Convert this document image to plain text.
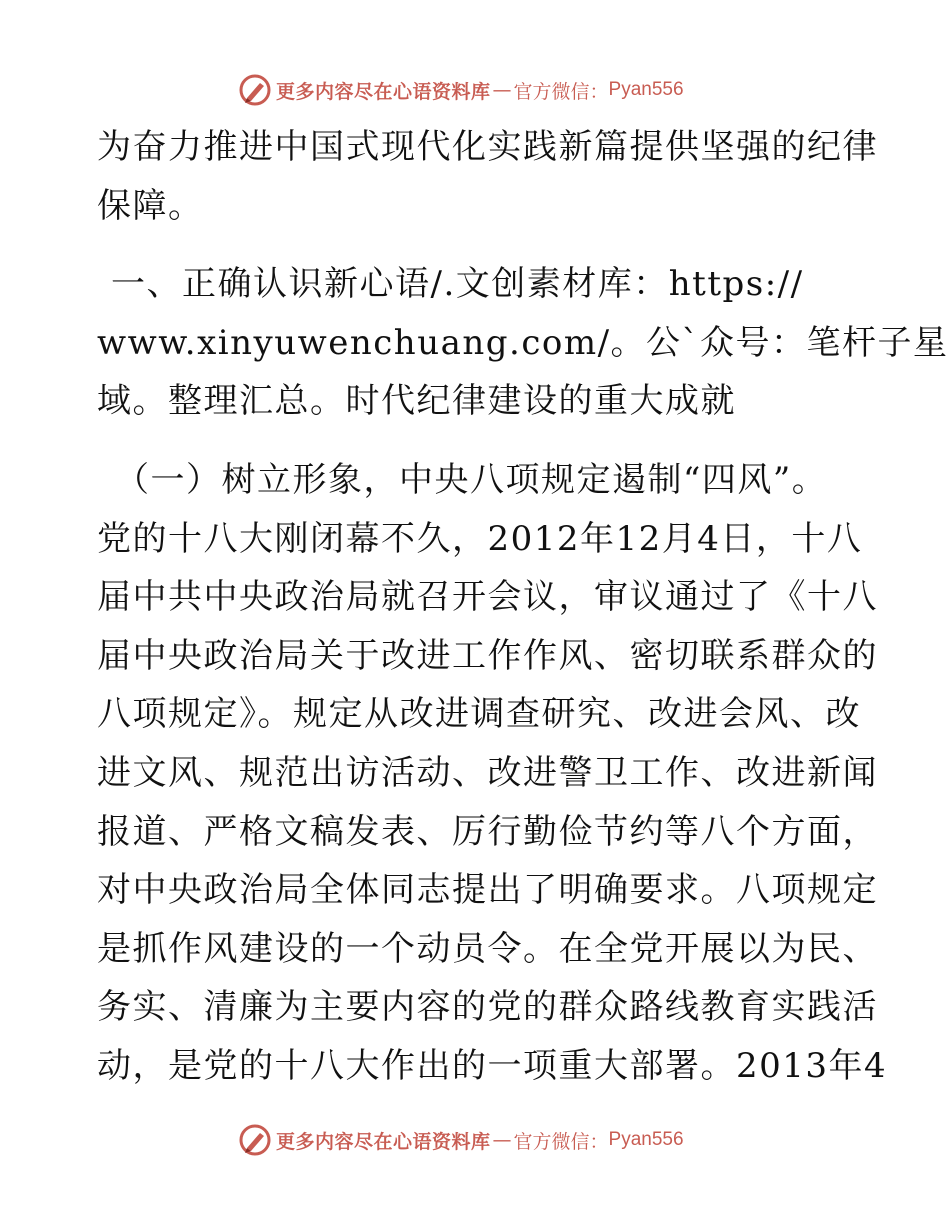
更多内容尽在心语资料库 — 官方微信： Pyan556
为奋力推进中国式现代化实践新篇提供坚强的纪律
保障。
一、正确认识新心语/.文创素材库：https://
www.xinyuwenchuang.com/。公`众号：笔杆子星
域。整理汇总。时代纪律建设的重大成就
（一）树立形象，中央八项规定遏制“四风”。
党的十八大刚闭幕不久，2012年12月4日，十八
届中共中央政治局就召开会议，审议通过了《十八
届中央政治局关于改进工作作风、密切联系群众的
八项规定》。规定从改进调查研究、改进会风、改
进文风、规范出访活动、改进警卫工作、改进新闻
报道、严格文稿发表、厉行勤俭节约等八个方面，
对中央政治局全体同志提出了明确要求。八项规定
是抓作风建设的一个动员令。在全党开展以为民、
务实、清廉为主要内容的党的群众路线教育实践活
动，是党的十八大作出的一项重大部署。2013年4
更多内容尽在心语资料库 — 官方微信： Pyan556
